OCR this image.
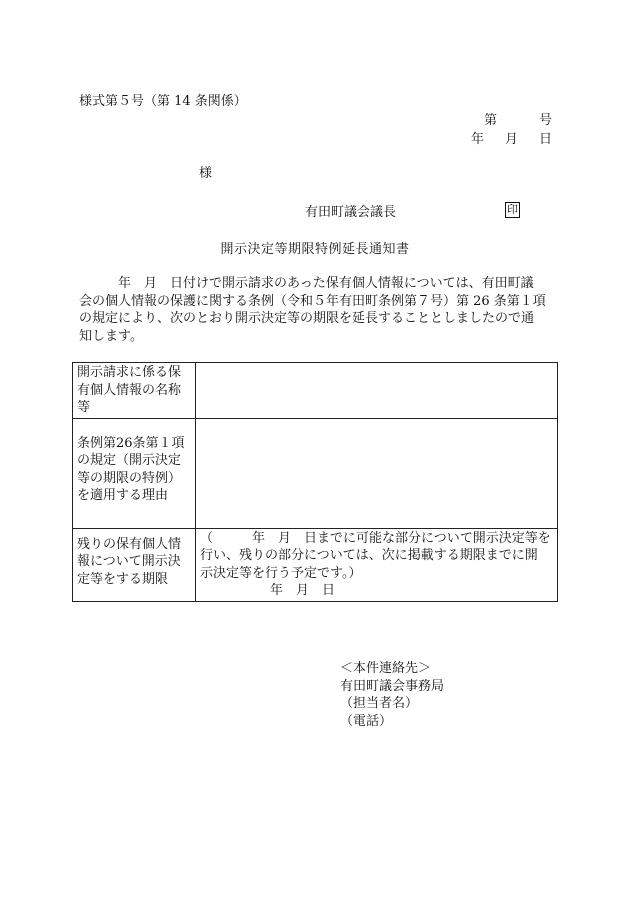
様式第５号（第 14 条関係）
第	号
年 月 日
様
有田町議会議長	印
開示決定等期限特例延長通知書
　　　年　月　日付けで開示請求のあった保有個人情報については、有田町議
会の個人情報の保護に関する条例（令和５年有田町条例第７号）第 26 条第１項
の規定により、次のとおり開示決定等の期限を延長することとしましたので通
知します。
開示請求に係る保
有個人情報の名称
等	

条例第26条第１項
の規定（開示決定
等の期限の特例）
を適用する理由	

残りの保有個人情
報について開示決
定等をする期限	（　　　年　月　日までに可能な部分について開示決定等を
行い、残りの部分については、次に掲載する期限までに開
示決定等を行う予定です。）
年　月　日
＜本件連絡先＞
有田町議会事務局
（担当者名）
（電話）
